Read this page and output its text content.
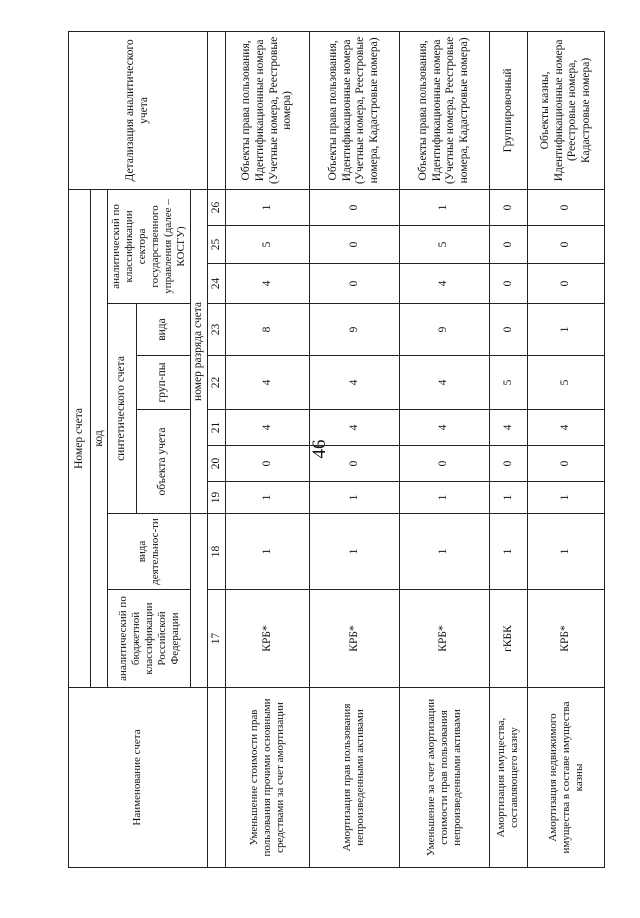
46
Наименование счета	Номер счета										Детализация аналитического учета
	код										
	аналитический по бюджетной классификации Российской Федерации	вида деятельнос-ти	синтетического счета					аналитический по классификации сектора государственного управления (далее – КОСГУ)			
			объекта учета			груп-пы	вида				
			номер разряда счета								
	17	18	19	20	21	22	23	24	25	26	
Уменьшение стоимости прав пользования прочими основными средствами за счет амортизации	КРБ*	1	1	0	4	4	8	4	5	1	Объекты права пользования, Идентификационные номера (Учетные номера, Реестровые номера)
Амортизация прав пользования непроизведенными активами	КРБ*	1	1	0	4	4	9	0	0	0	Объекты права пользования, Идентификационные номера (Учетные номера, Реестровые номера, Кадастровые номера)
Уменьшение за счет амортизации стоимости прав пользования непроизведенными активами	КРБ*	1	1	0	4	4	9	4	5	1	Объекты права пользования, Идентификационные номера (Учетные номера, Реестровые номера, Кадастровые номера)
Амортизация имущества, составляющего казну	гКБК	1	1	0	4	5	0	0	0	0	Группировочный
Амортизация недвижимого имущества в составе имущества казны	КРБ*	1	1	0	4	5	1	0	0	0	Объекты казны, Идентификационные номера (Реестровые номера, Кадастровые номера)
